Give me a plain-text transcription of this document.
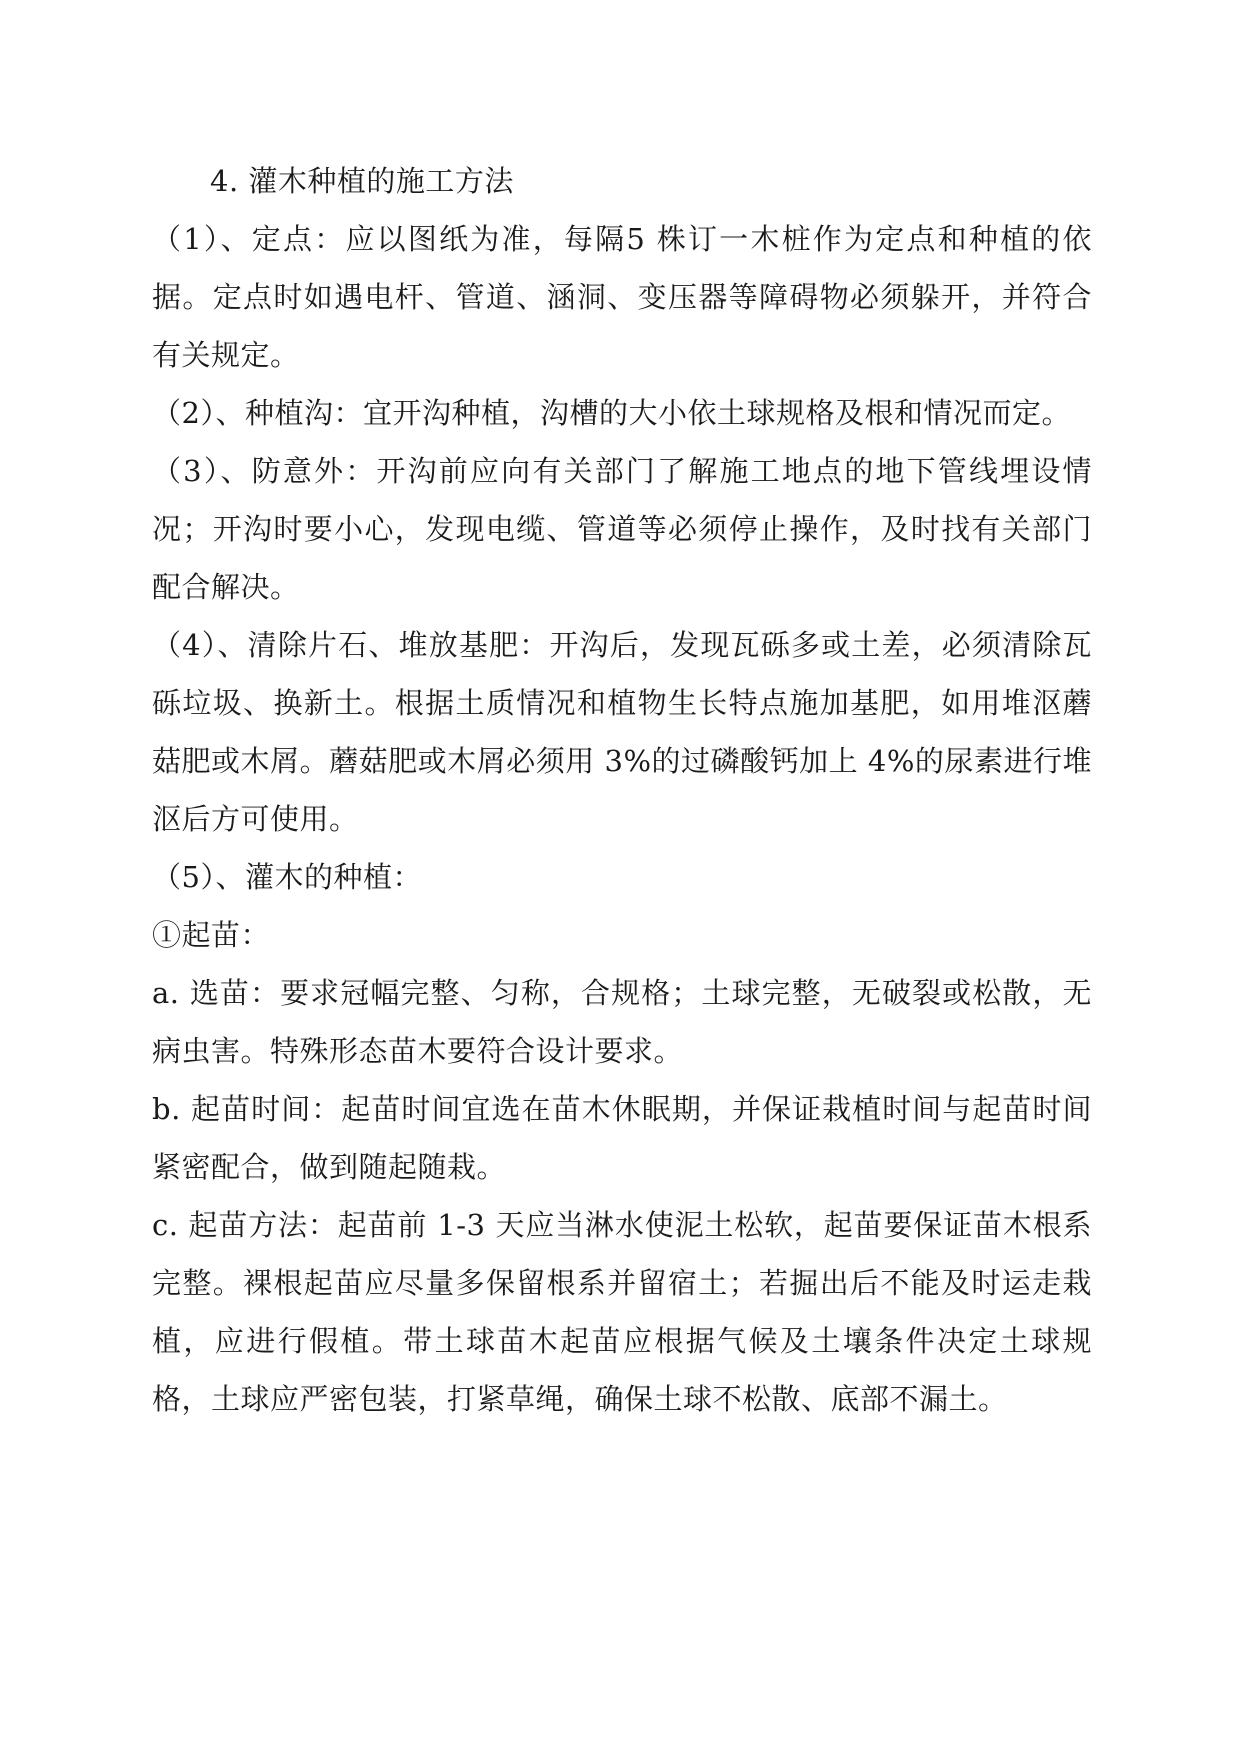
4. 灌木种植的施工方法

（1）、定点：应以图纸为准，每隔5 株订一木桩作为定点和种植的依据。定点时如遇电杆、管道、涵洞、变压器等障碍物必须躲开，并符合有关规定。

（2）、种植沟：宜开沟种植，沟槽的大小依土球规格及根和情况而定。

（3）、防意外：开沟前应向有关部门了解施工地点的地下管线埋设情况；开沟时要小心，发现电缆、管道等必须停止操作，及时找有关部门配合解决。

（4）、清除片石、堆放基肥：开沟后，发现瓦砾多或土差，必须清除瓦砾垃圾、换新土。根据土质情况和植物生长特点施加基肥，如用堆沤蘑菇肥或木屑。蘑菇肥或木屑必须用 3%的过磷酸钙加上 4%的尿素进行堆沤后方可使用。

（5）、灌木的种植：

①起苗：

a. 选苗：要求冠幅完整、匀称，合规格；土球完整，无破裂或松散，无病虫害。特殊形态苗木要符合设计要求。

b. 起苗时间：起苗时间宜选在苗木休眠期，并保证栽植时间与起苗时间紧密配合，做到随起随栽。

c. 起苗方法：起苗前 1-3 天应当淋水使泥土松软，起苗要保证苗木根系完整。裸根起苗应尽量多保留根系并留宿土；若掘出后不能及时运走栽植，应进行假植。带土球苗木起苗应根据气候及土壤条件决定土球规格，土球应严密包装，打紧草绳，确保土球不松散、底部不漏土。
